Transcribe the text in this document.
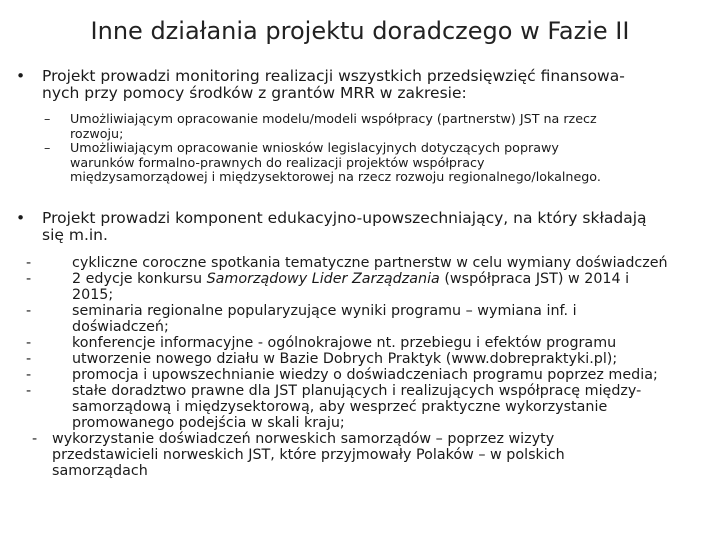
Inne działania projektu doradczego w Fazie II
•	Projekt prowadzi monitoring realizacji wszystkich przedsięwzięć finansowa-
nych przy pomocy środków z grantów MRR w zakresie:
–	Umożliwiającym opracowanie modelu/modeli współpracy (partnerstw) JST na rzecz
rozwoju;
–	Umożliwiającym opracowanie wniosków legislacyjnych dotyczących poprawy
warunków formalno-prawnych do realizacji projektów współpracy
międzysamorządowej i międzysektorowej na rzecz rozwoju regionalnego/lokalnego.
•	Projekt prowadzi komponent edukacyjno-upowszechniający, na który składają
się m.in.
-	cykliczne coroczne spotkania tematyczne partnerstw w celu wymiany doświadczeń
-	2 edycje konkursu Samorządowy Lider Zarządzania (współpraca JST) w 2014 i
2015;
-	seminaria regionalne popularyzujące wyniki programu – wymiana inf. i
doświadczeń;
-	konferencje informacyjne - ogólnokrajowe nt. przebiegu i efektów programu
-	utworzenie nowego działu w Bazie Dobrych Praktyk (www.dobrepraktyki.pl);
-	promocja i upowszechnianie wiedzy o doświadczeniach programu poprzez media;
-	stałe doradztwo prawne dla JST planujących i realizujących współpracę między-
samorządową i międzysektorową, aby wesprzeć praktyczne wykorzystanie
promowanego podejścia w skali kraju;
-	wykorzystanie doświadczeń norweskich samorządów – poprzez wizyty
przedstawicieli norweskich JST, które przyjmowały Polaków – w polskich
samorządach
